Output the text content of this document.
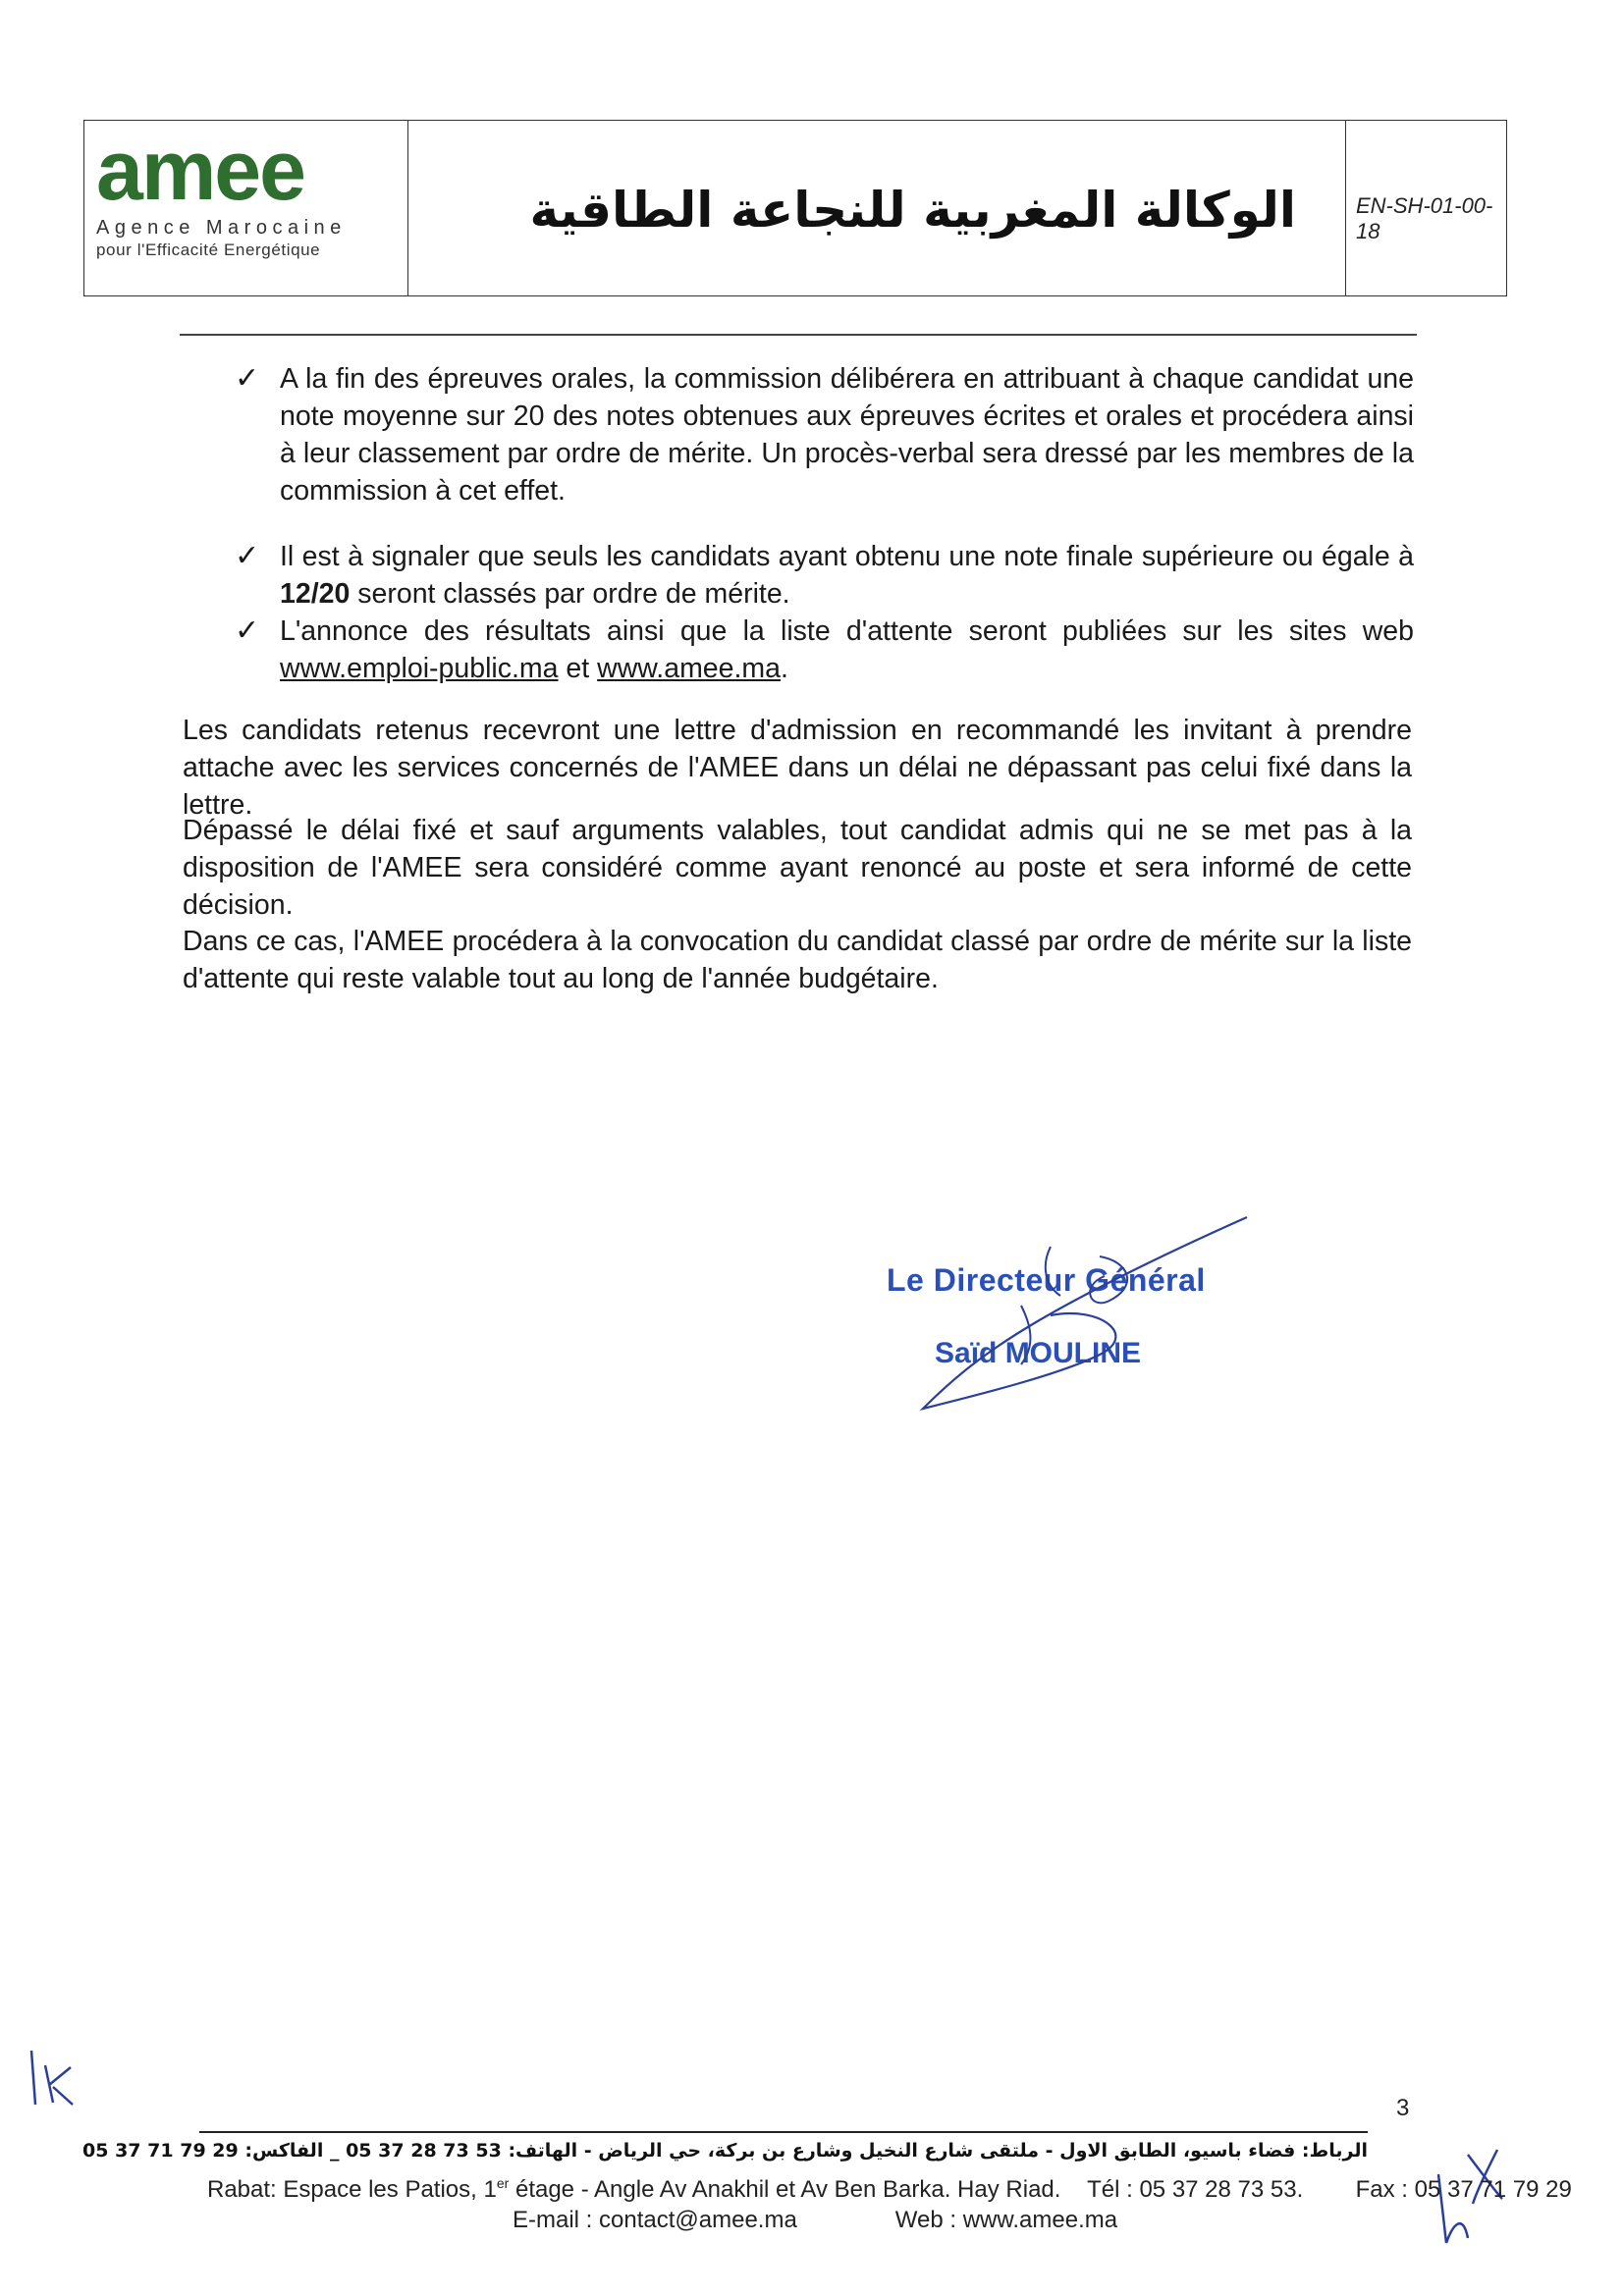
amee
Agence Marocaine
pour l'Efficacité Energétique
الوكالة المغربية للنجاعة الطاقية	EN-SH-01-00-18
✓ A la fin des épreuves orales, la commission délibérera en attribuant à chaque candidat une note moyenne sur 20 des notes obtenues aux épreuves écrites et orales et procédera ainsi à leur classement par ordre de mérite. Un procès-verbal sera dressé par les membres de la commission à cet effet.
✓ Il est à signaler que seuls les candidats ayant obtenu une note finale supérieure ou égale à 12/20 seront classés par ordre de mérite.
✓ L'annonce des résultats ainsi que la liste d'attente seront publiées sur les sites web www.emploi-public.ma et www.amee.ma.
Les candidats retenus recevront une lettre d'admission en recommandé les invitant à prendre attache avec les services concernés de l'AMEE dans un délai ne dépassant pas celui fixé dans la lettre.
Dépassé le délai fixé et sauf arguments valables, tout candidat admis qui ne se met pas à la disposition de l'AMEE sera considéré comme ayant renoncé au poste et sera informé de cette décision.
Dans ce cas, l'AMEE procédera à la convocation du candidat classé par ordre de mérite sur la liste d'attente qui reste valable tout au long de l'année budgétaire.
Le Directeur Général
Saïd MOULINE
3
الرباط: فضاء باسيو، الطابق الاول - ملتقى شارع النخيل وشارع بن بركة، حي الرياض - الهاتف: 53 73 28 37 05 _ الفاكس: 29 79 71 37 05
Rabat: Espace les Patios, 1er étage - Angle Av Anakhil et Av Ben Barka. Hay Riad. Tél : 05 37 28 73 53. Fax : 05 37 71 79 29
E-mail : contact@amee.ma	Web : www.amee.ma
